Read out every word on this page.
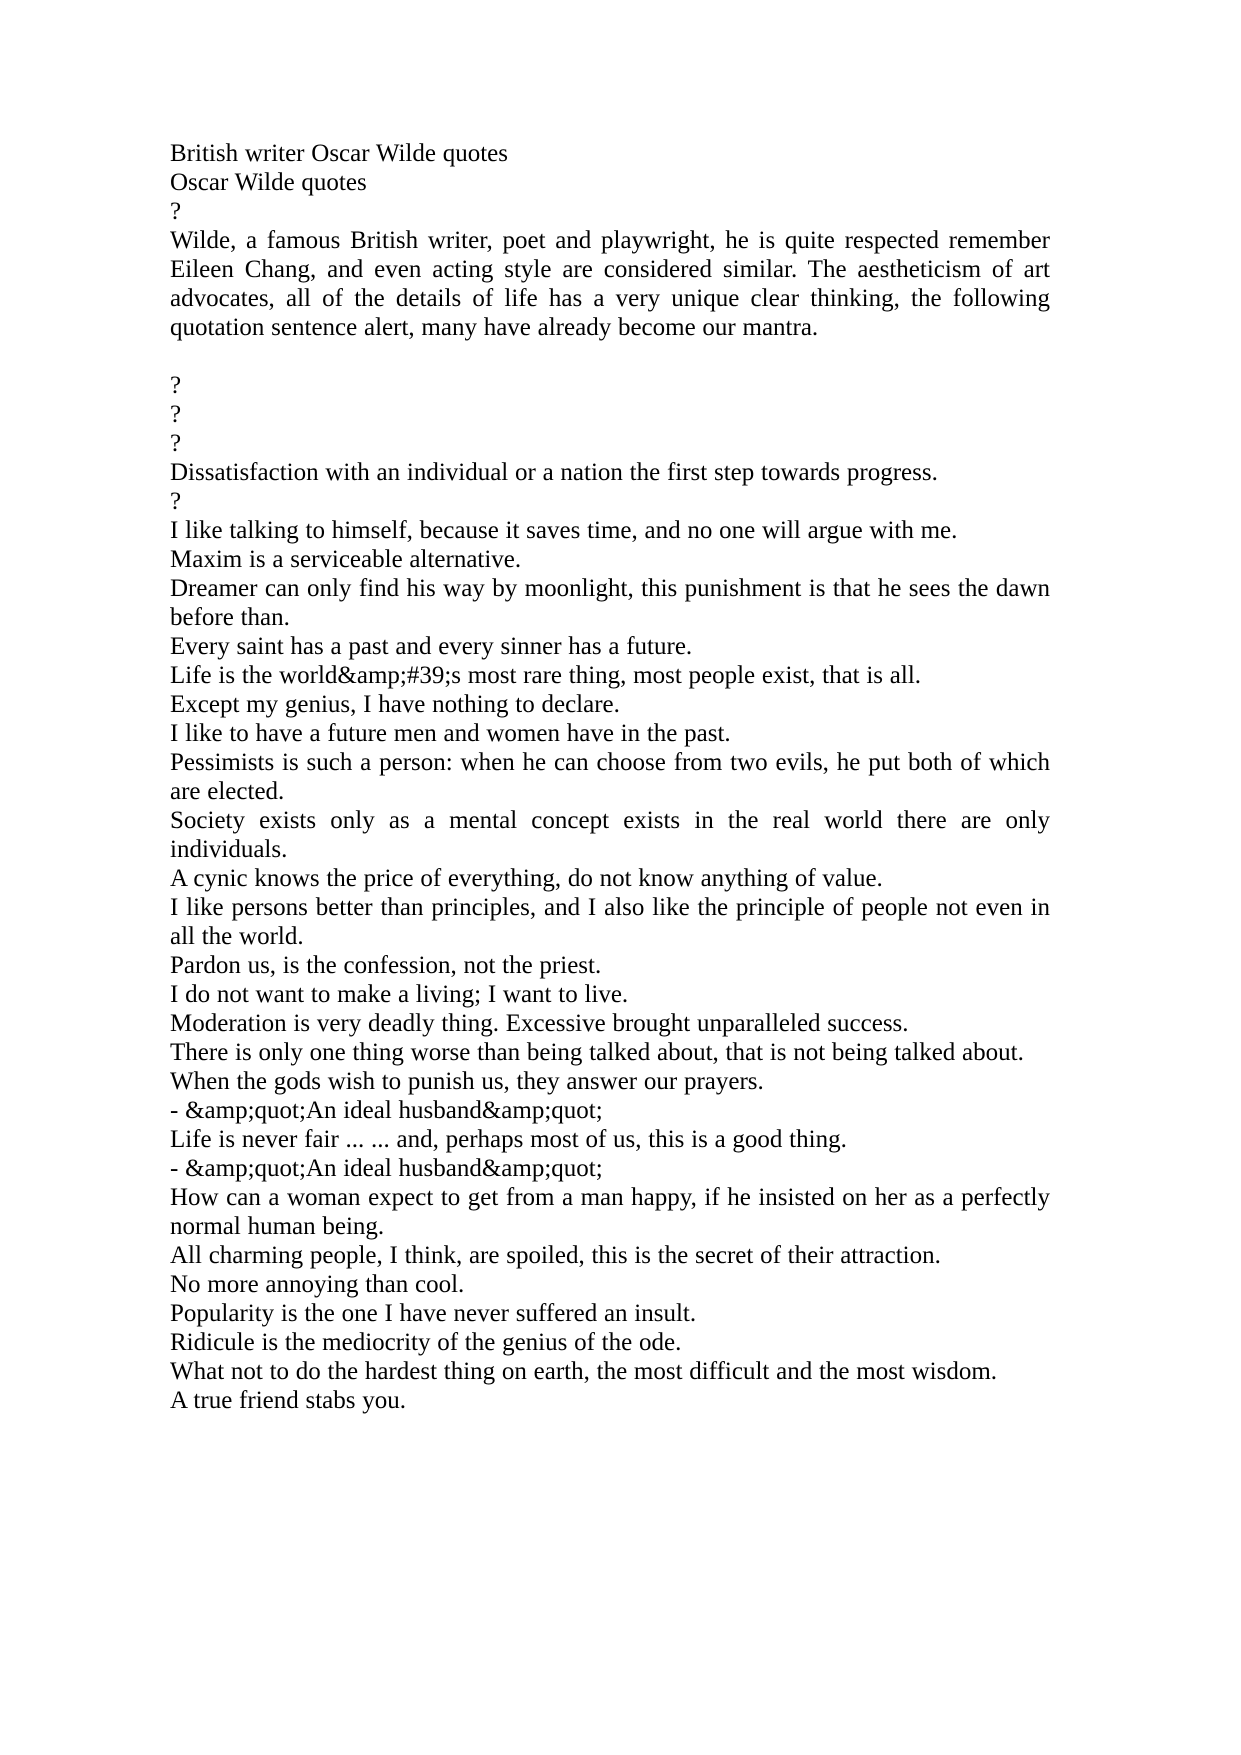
British writer Oscar Wilde quotes

Oscar Wilde quotes

?

Wilde, a famous British writer, poet and playwright, he is quite respected remember Eileen Chang, and even acting style are considered similar. The aestheticism of art advocates, all of the details of life has a very unique clear thinking, the following quotation sentence alert, many have already become our mantra.

?

?

?

Dissatisfaction with an individual or a nation the first step towards progress.

?

I like talking to himself, because it saves time, and no one will argue with me.

Maxim is a serviceable alternative.

Dreamer can only find his way by moonlight, this punishment is that he sees the dawn before than.

Every saint has a past and every sinner has a future.

Life is the world&amp;#39;s most rare thing, most people exist, that is all.

Except my genius, I have nothing to declare.

I like to have a future men and women have in the past.

Pessimists is such a person: when he can choose from two evils, he put both of which are elected.

Society exists only as a mental concept exists in the real world there are only individuals.

A cynic knows the price of everything, do not know anything of value.

I like persons better than principles, and I also like the principle of people not even in all the world.

Pardon us, is the confession, not the priest.

I do not want to make a living; I want to live.

Moderation is very deadly thing. Excessive brought unparalleled success.

There is only one thing worse than being talked about, that is not being talked about.

When the gods wish to punish us, they answer our prayers.

- &amp;quot;An ideal husband&amp;quot;

Life is never fair ... ... and, perhaps most of us, this is a good thing.

- &amp;quot;An ideal husband&amp;quot;

How can a woman expect to get from a man happy, if he insisted on her as a perfectly normal human being.

All charming people, I think, are spoiled, this is the secret of their attraction.

No more annoying than cool.

Popularity is the one I have never suffered an insult.

Ridicule is the mediocrity of the genius of the ode.

What not to do the hardest thing on earth, the most difficult and the most wisdom.

A true friend stabs you.
